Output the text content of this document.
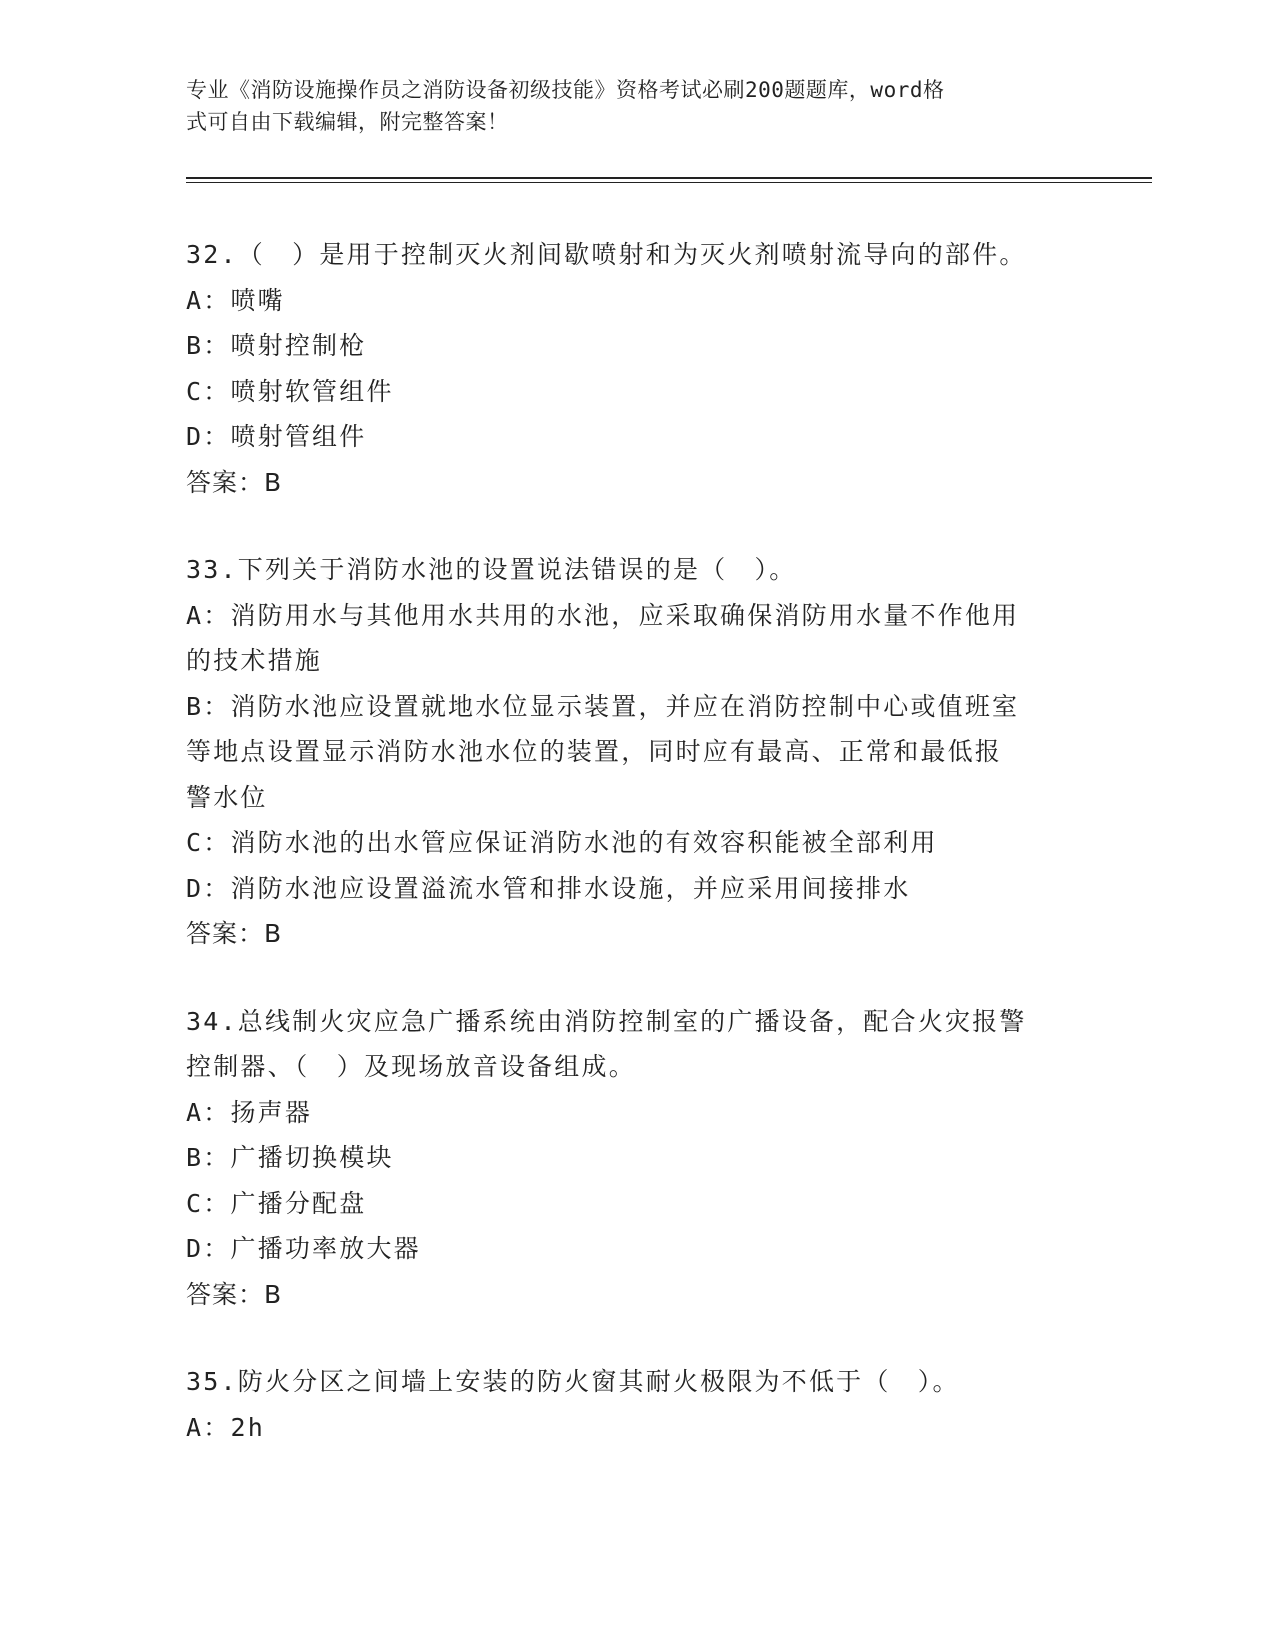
专业《消防设施操作员之消防设备初级技能》资格考试必刷200题题库，word格
式可自由下载编辑，附完整答案！
32.（　）是用于控制灭火剂间歇喷射和为灭火剂喷射流导向的部件。
A：喷嘴
B：喷射控制枪
C：喷射软管组件
D：喷射管组件
答案：B
33.下列关于消防水池的设置说法错误的是（　）。
A：消防用水与其他用水共用的水池，应采取确保消防用水量不作他用
的技术措施
B：消防水池应设置就地水位显示装置，并应在消防控制中心或值班室
等地点设置显示消防水池水位的装置，同时应有最高、正常和最低报
警水位
C：消防水池的出水管应保证消防水池的有效容积能被全部利用
D：消防水池应设置溢流水管和排水设施，并应采用间接排水
答案：B
34.总线制火灾应急广播系统由消防控制室的广播设备，配合火灾报警
控制器、（　）及现场放音设备组成。
A：扬声器
B：广播切换模块
C：广播分配盘
D：广播功率放大器
答案：B
35.防火分区之间墙上安装的防火窗其耐火极限为不低于（　）。
A：2h
